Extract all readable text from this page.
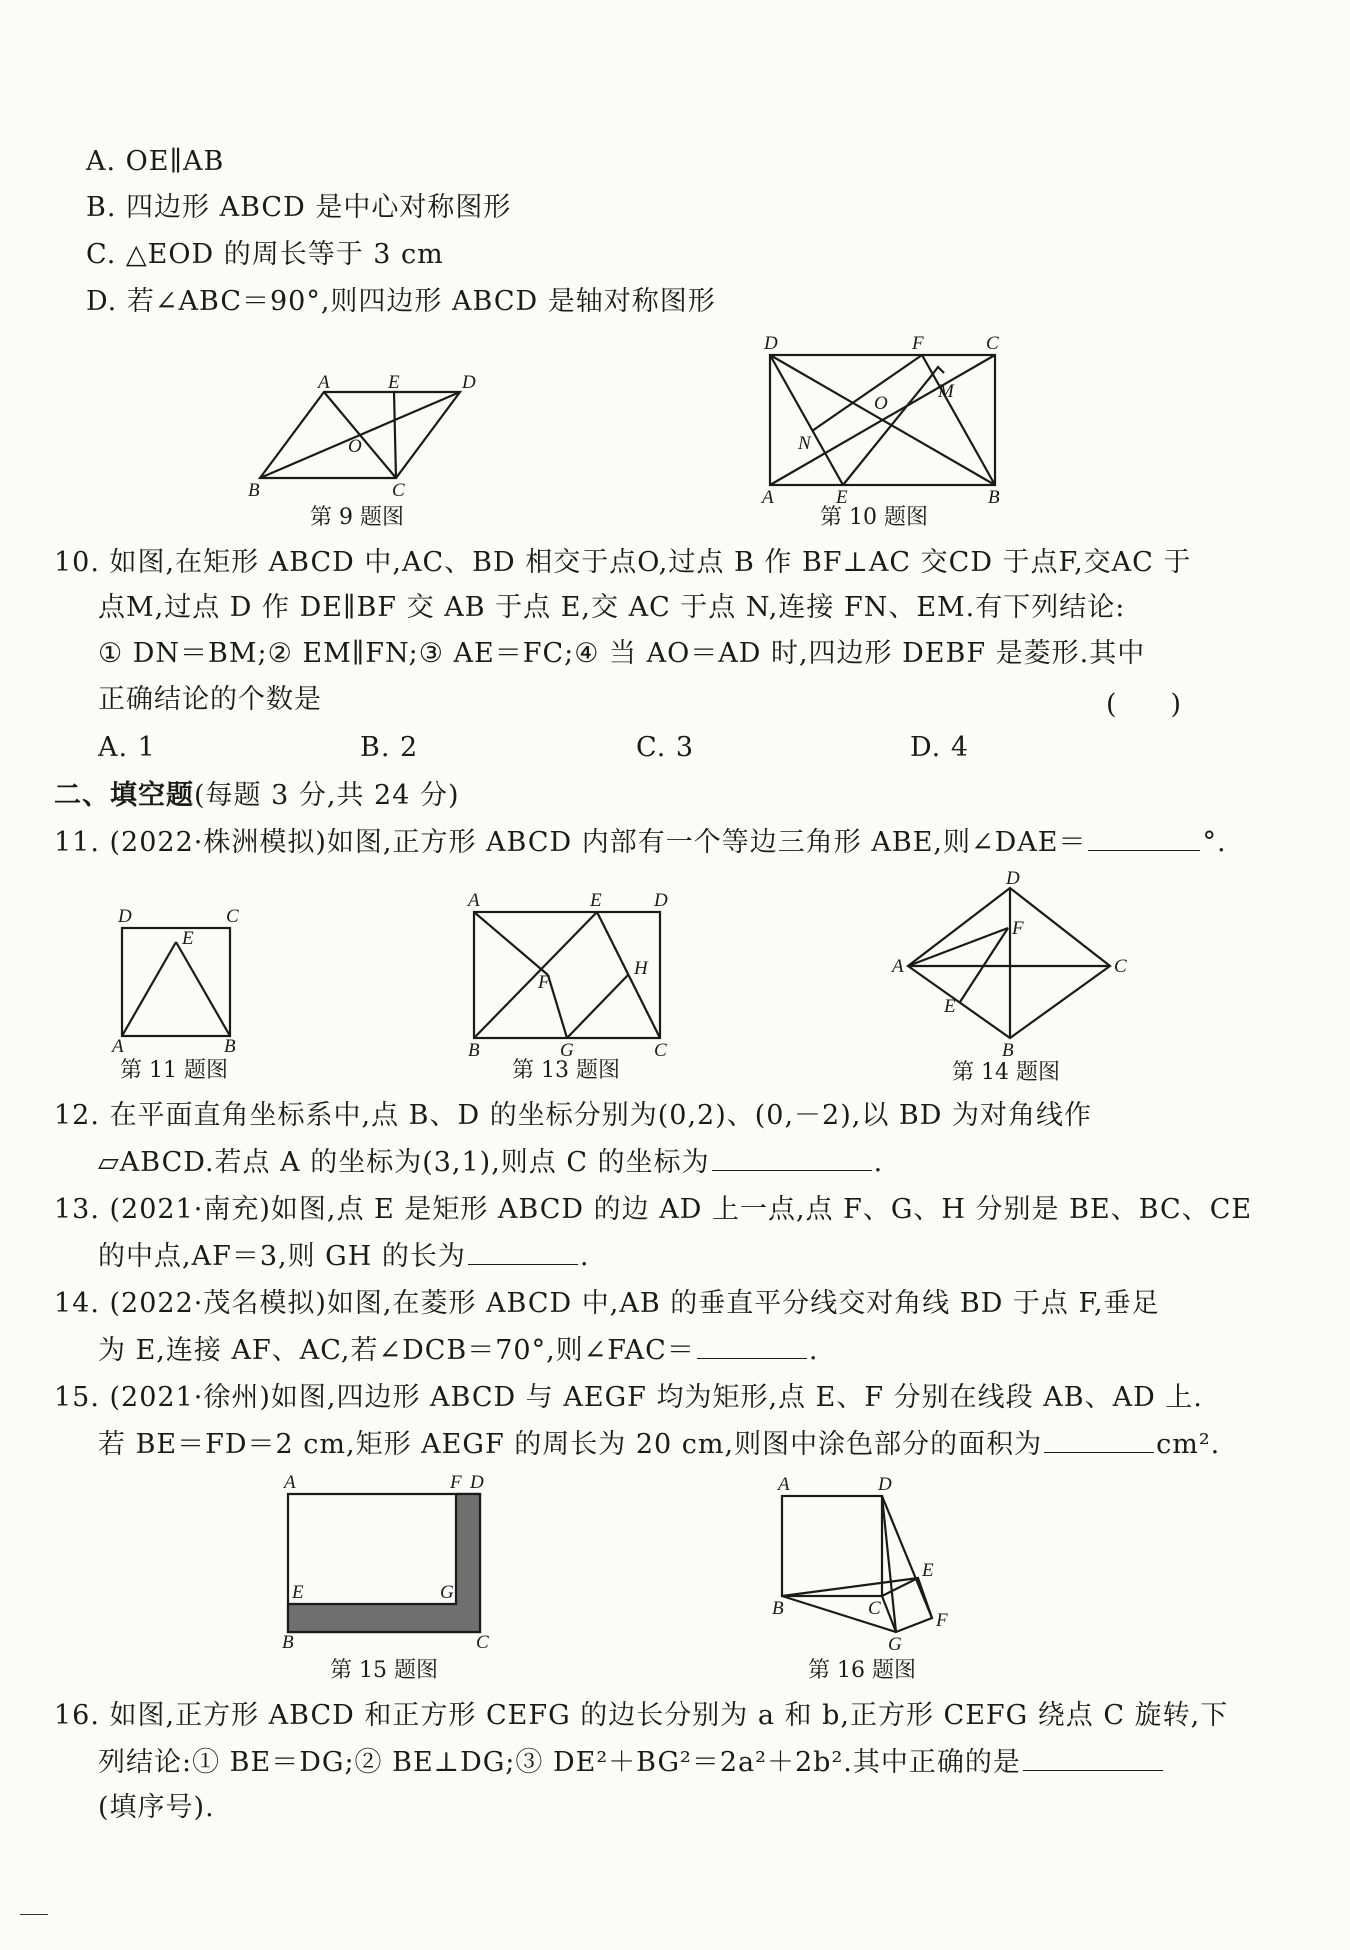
A. OE∥AB
B. 四边形 ABCD 是中心对称图形
C. △EOD 的周长等于 3 cm
D. 若∠ABC＝90°,则四边形 ABCD 是轴对称图形
A	E	D
O
B	C
第 9 题图
D	F	C
M
O
N
A	E	B
第 10 题图
10. 如图,在矩形 ABCD 中,AC、BD 相交于点O,过点 B 作 BF⊥AC 交CD 于点F,交AC 于
点M,过点 D 作 DE∥BF 交 AB 于点 E,交 AC 于点 N,连接 FN、EM.有下列结论:
① DN＝BM;② EM∥FN;③ AE＝FC;④ 当 AO＝AD 时,四边形 DEBF 是菱形.其中
正确结论的个数是	(　　)
A. 1	B. 2	C. 3	D. 4
二、填空题(每题 3 分,共 24 分)
11. (2022·株洲模拟)如图,正方形 ABCD 内部有一个等边三角形 ABE,则∠DAE＝	°.
D	C
E
A	B
第 11 题图
A	E	D
F
H
B	G	C
第 13 题图
D
F
A	C
E
B
第 14 题图
12. 在平面直角坐标系中,点 B、D 的坐标分别为(0,2)、(0,－2),以 BD 为对角线作
▱ABCD.若点 A 的坐标为(3,1),则点 C 的坐标为	.
13. (2021·南充)如图,点 E 是矩形 ABCD 的边 AD 上一点,点 F、G、H 分别是 BE、BC、CE
的中点,AF＝3,则 GH 的长为	.
14. (2022·茂名模拟)如图,在菱形 ABCD 中,AB 的垂直平分线交对角线 BD 于点 F,垂足
为 E,连接 AF、AC,若∠DCB＝70°,则∠FAC＝	.
15. (2021·徐州)如图,四边形 ABCD 与 AEGF 均为矩形,点 E、F 分别在线段 AB、AD 上.
若 BE＝FD＝2 cm,矩形 AEGF 的周长为 20 cm,则图中涂色部分的面积为	cm².
A	F D
E	G
B	C
第 15 题图
A	D
E
B	C
F
G
第 16 题图
16. 如图,正方形 ABCD 和正方形 CEFG 的边长分别为 a 和 b,正方形 CEFG 绕点 C 旋转,下
列结论:① BE＝DG;② BE⊥DG;③ DE²＋BG²＝2a²＋2b².其中正确的是
(填序号).
